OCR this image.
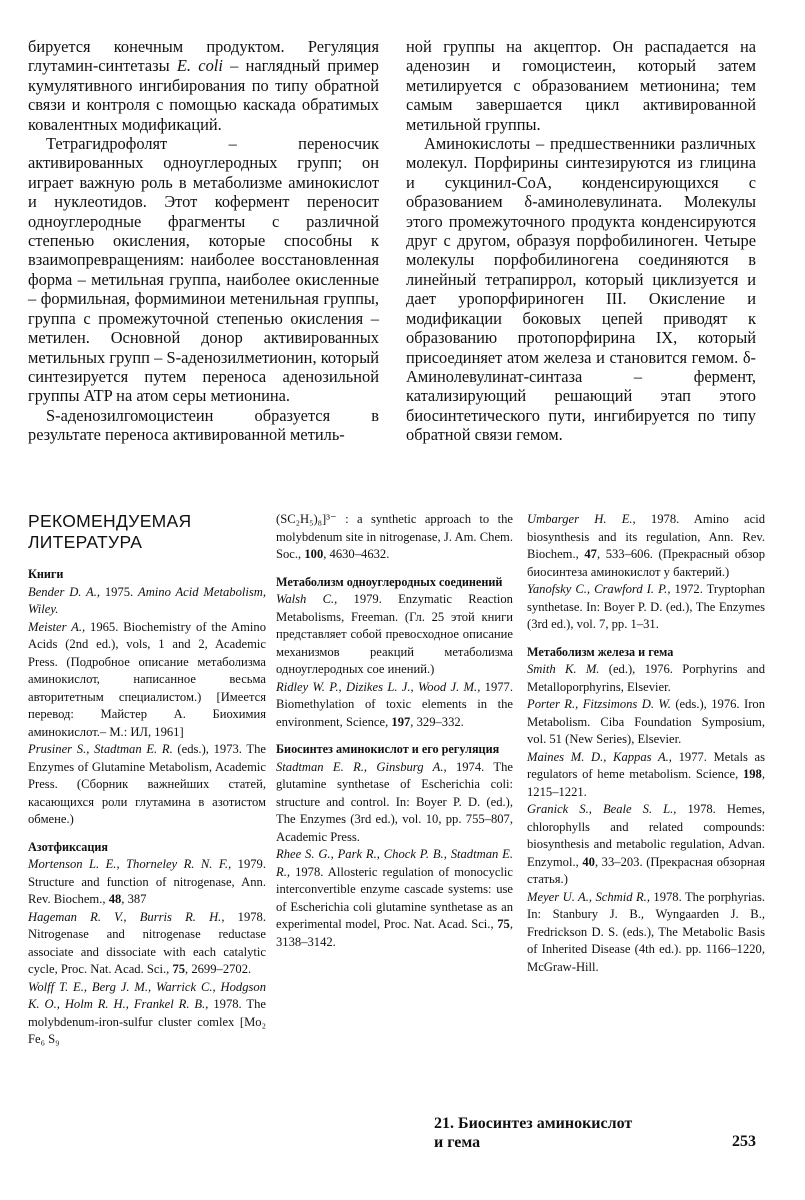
бируется конечным продуктом. Регуляция глутамин-синтетазы E. coli – наглядный пример кумулятивного ингибирования по типу обратной связи и контроля с помощью каскада обратимых ковалентных модификаций.

Тетрагидрофолят – переносчик активированных одноуглеродных групп; он играет важную роль в метаболизме аминокислот и нуклеотидов. Этот кофермент переносит одноуглеродные фрагменты с различной степенью окисления, которые способны к взаимопревращениям: наиболее восстановленная форма – метильная группа, наиболее окисленные – формильная, формиминои метенильная группы, группа с промежуточной степенью окисления – метилен. Основной донор активированных метильных групп – S-аденозилметионин, который синтезируется путем переноса аденозильной группы ATP на атом серы метионина.

S-аденозилгомоцистеин образуется в результате переноса активированной метиль-

ной группы на акцептор. Он распадается на аденозин и гомоцистеин, который затем метилируется с образованием метионина; тем самым завершается цикл активированной метильной группы.

Аминокислоты – предшественники различных молекул. Порфирины синтезируются из глицина и сукцинил-CoA, конденсирующихся с образованием δ-аминолевулината. Молекулы этого промежуточного продукта конденсируются друг с другом, образуя порфобилиноген. Четыре молекулы порфобилиногена соединяются в линейный тетрапиррол, который циклизуется и дает уропорфириноген III. Окисление и модификации боковых цепей приводят к образованию протопорфирина IX, который присоединяет атом железа и становится гемом. δ-Аминолевулинат-синтаза – фермент, катализирующий решающий этап этого биосинтетического пути, ингибируется по типу обратной связи гемом.

РЕКОМЕНДУЕМАЯ ЛИТЕРАТУРА
Книги

Bender D. A., 1975. Amino Acid Metabolism, Wiley.

Meister A., 1965. Biochemistry of the Amino Acids (2nd ed.), vols, 1 and 2, Academic Press. (Подробное описание метаболизма аминокислот, написанное весьма авторитетным специалистом.) [Имеется перевод: Майстер А. Биохимия аминокислот.– М.: ИЛ, 1961]

Prusiner S., Stadtman E. R. (eds.), 1973. The Enzymes of Glutamine Metabolism, Academic Press. (Сборник важнейших статей, касающихся роли глутамина в азотистом обмене.)

Азотфиксация

Mortenson L. E., Thorneley R. N. F., 1979. Structure and function of nitrogenase, Ann. Rev. Biochem., 48, 387

Hageman R. V., Burris R. H., 1978. Nitrogenase and nitrogenase reductase associate and dissociate with each catalytic cycle, Proc. Nat. Acad. Sci., 75, 2699–2702.

Wolff T. E., Berg J. M., Warrick C., Hodgson K. O., Holm R. H., Frankel R. B., 1978. The molybdenum-iron-sulfur cluster comlex [Mo₂ Fe₆ S₉

(SC₂H₅)₈]³⁻ : a synthetic approach to the molybdenum site in nitrogenase, J. Am. Chem. Soc., 100, 4630–4632.

Метаболизм одноуглеродных соединений

Walsh C., 1979. Enzymatic Reaction Metabolisms, Freeman. (Гл. 25 этой книги представляет собой превосходное описание механизмов реакций метаболизма одноуглеродных сое инений.)

Ridley W. P., Dizikes L. J., Wood J. M., 1977. Biomethylation of toxic elements in the environment, Science, 197, 329–332.

Биосинтез аминокислот и его регуляция

Stadtman E. R., Ginsburg A., 1974. The glutamine synthetase of Escherichia coli: structure and control. In: Boyer P. D. (ed.), The Enzymes (3rd ed.), vol. 10, pp. 755–807, Academic Press.

Rhee S. G., Park R., Chock P. B., Stadtman E. R., 1978. Allosteric regulation of monocyclic interconvertible enzyme cascade systems: use of Escherichia coli glutamine synthetase as an experimental model, Proc. Nat. Acad. Sci., 75, 3138–3142.

Umbarger H. E., 1978. Amino acid biosynthesis and its regulation, Ann. Rev. Biochem., 47, 533–606. (Прекрасный обзор биосинтеза аминокислот у бактерий.)

Yanofsky C., Crawford I. P., 1972. Tryptophan synthetase. In: Boyer P. D. (ed.), The Enzymes (3rd ed.), vol. 7, pp. 1–31.

Метаболизм железа и гема

Smith K. M. (ed.), 1976. Porphyrins and Metalloporphyrins, Elsevier.

Porter R., Fitzsimons D. W. (eds.), 1976. Iron Metabolism. Ciba Foundation Symposium, vol. 51 (New Series), Elsevier.

Maines M. D., Kappas A., 1977. Metals as regulators of heme metabolism. Science, 198, 1215–1221.

Granick S., Beale S. L., 1978. Hemes, chlorophylls and related compounds: biosynthesis and metabolic regulation, Advan. Enzymol., 40, 33–203. (Прекрасная обзорная статья.)

Meyer U. A., Schmid R., 1978. The porphyrias. In: Stanbury J. B., Wyngaarden J. B., Fredrickson D. S. (eds.), The Metabolic Basis of Inherited Disease (4th ed.). pp. 1166–1220, McGraw-Hill.

21. Биосинтез аминокислот
и гема	253
